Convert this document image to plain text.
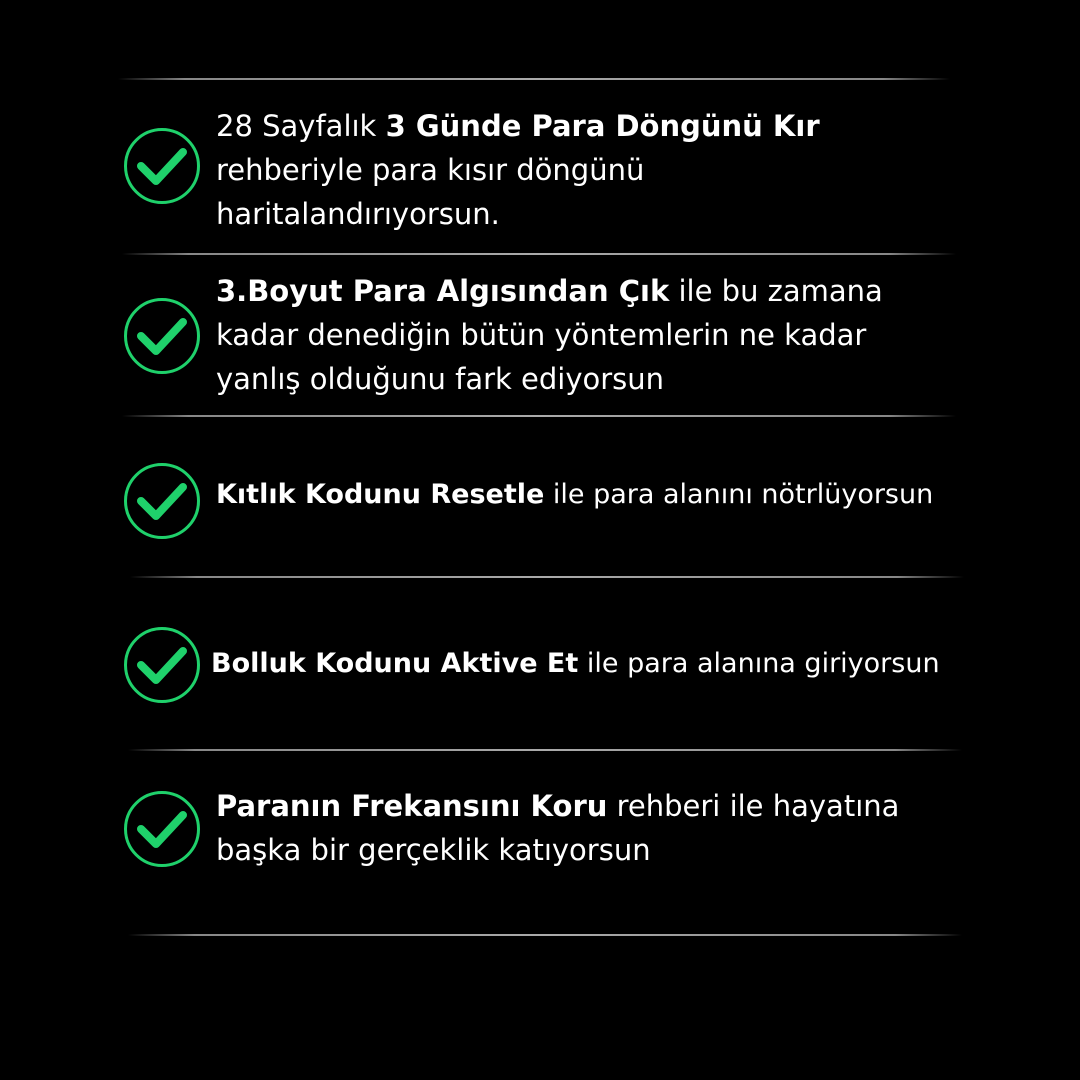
28 Sayfalık 3 Günde Para Döngünü Kır rehberiyle para kısır döngünü haritalandırıyorsun.
3.Boyut Para Algısından Çık ile bu zamana kadar denediğin bütün yöntemlerin ne kadar yanlış olduğunu fark ediyorsun
Kıtlık Kodunu Resetle ile para alanını nötrlüyorsun
Bolluk Kodunu Aktive Et ile para alanına giriyorsun
Paranın Frekansını Koru rehberi ile hayatına başka bir gerçeklik katıyorsun
